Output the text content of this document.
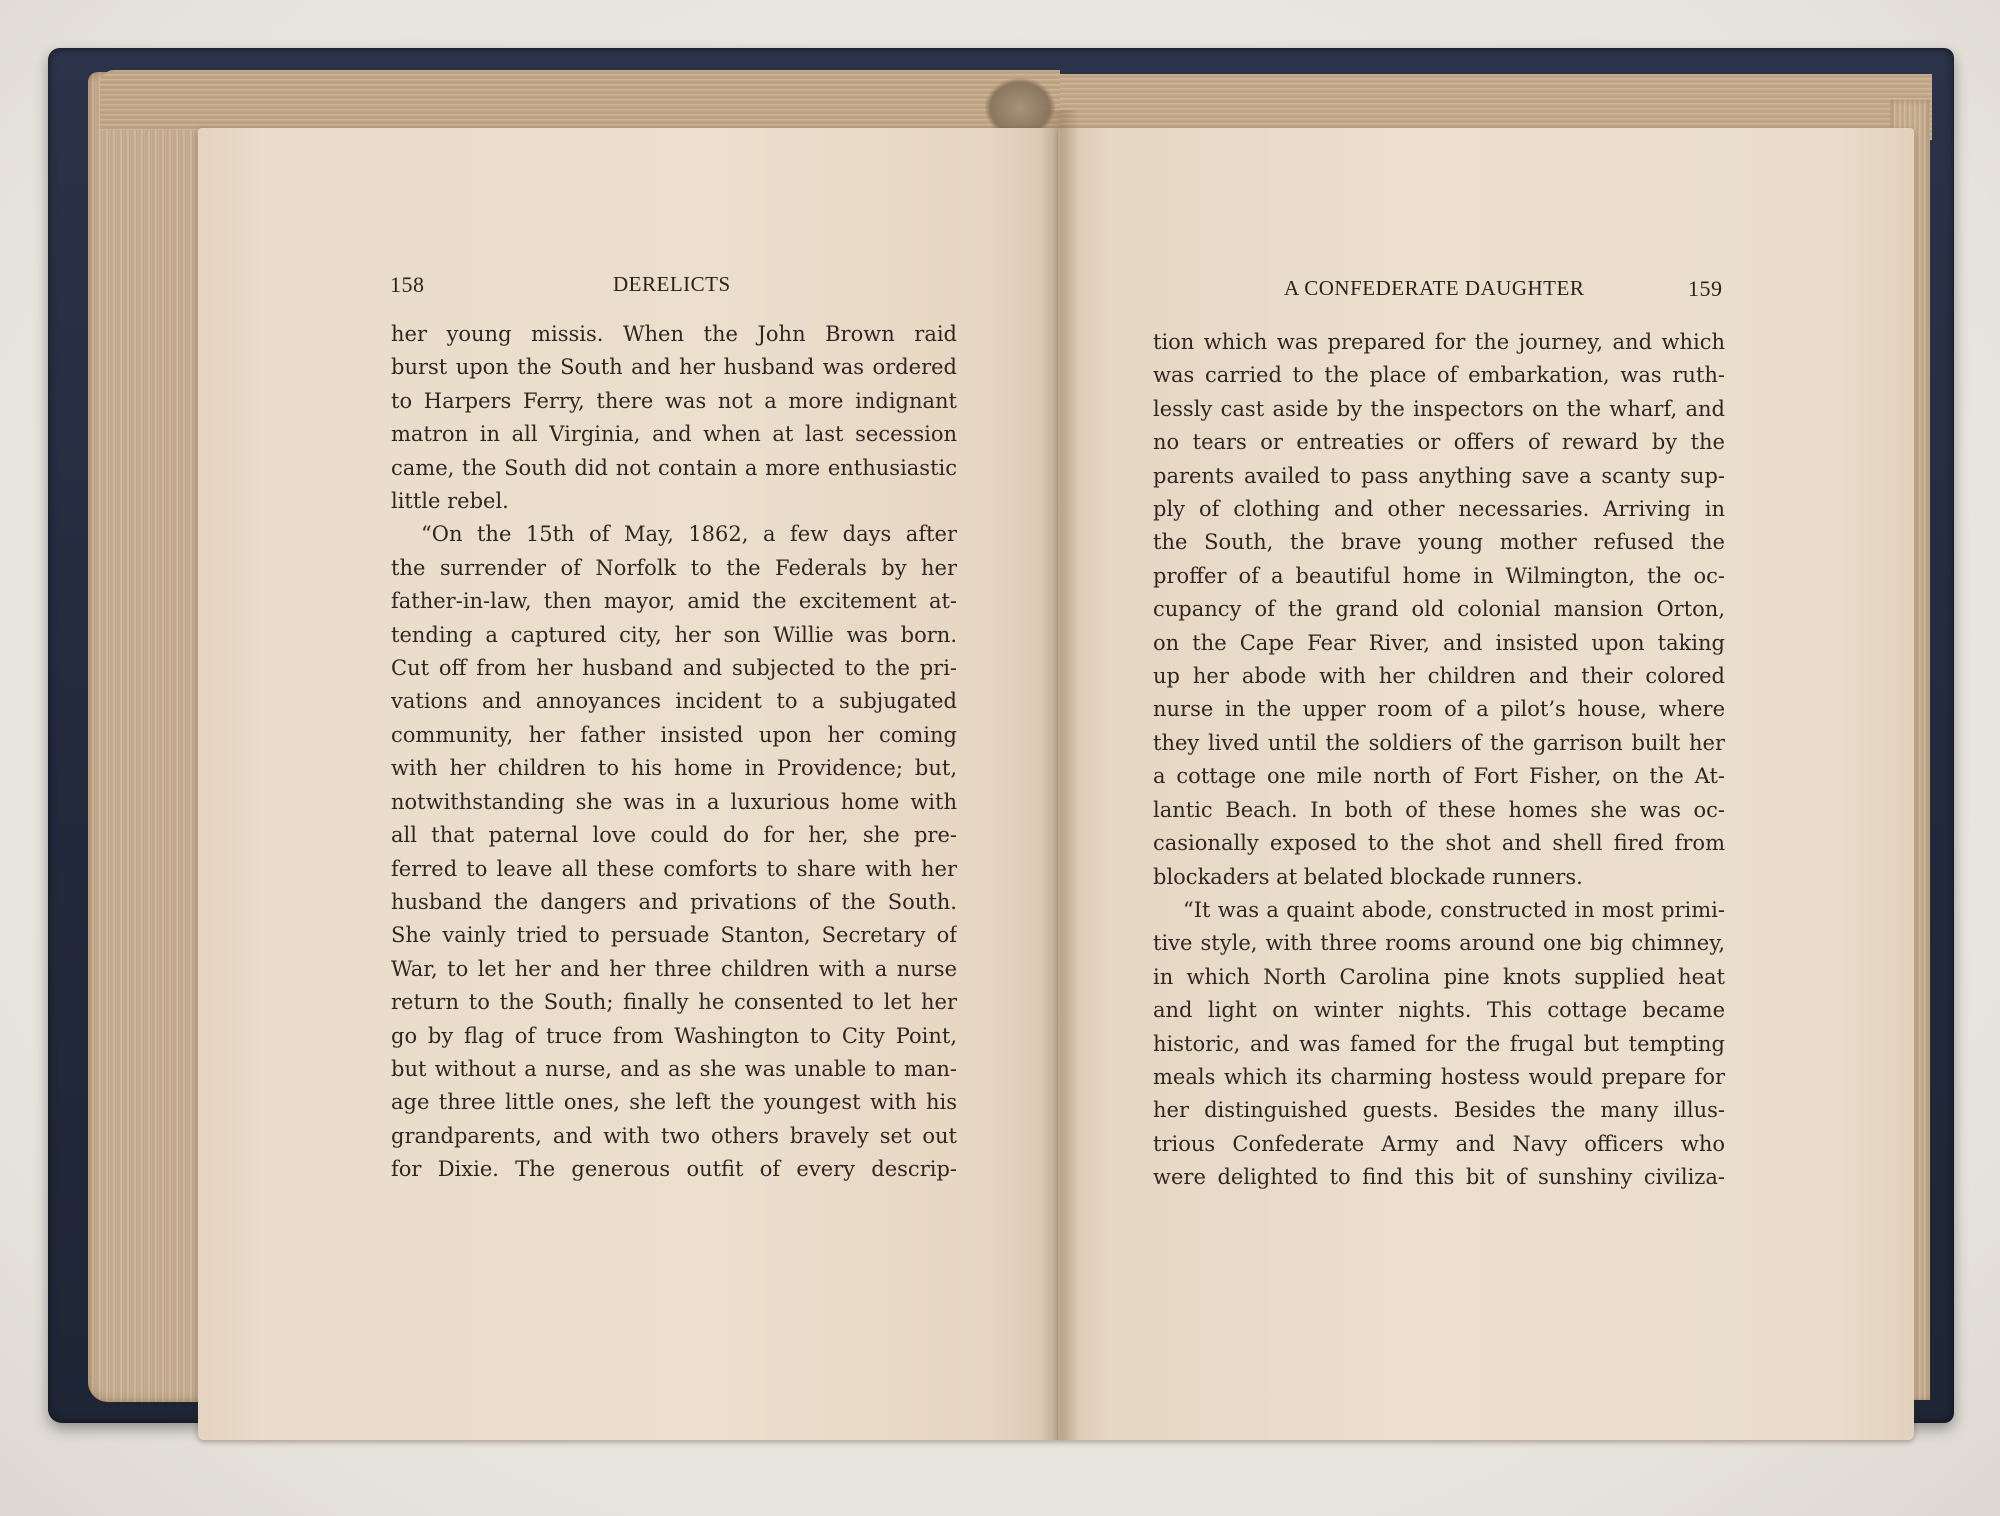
158	DERELICTS	A CONFEDERATE DAUGHTER	159
her young missis. When the John Brown raid
burst upon the South and her husband was ordered
to Harpers Ferry, there was not a more indignant
matron in all Virginia, and when at last secession
came, the South did not contain a more enthusiastic
little rebel.
“On the 15th of May, 1862, a few days after
the surrender of Norfolk to the Federals by her
father-in-law, then mayor, amid the excitement at-
tending a captured city, her son Willie was born.
Cut off from her husband and subjected to the pri-
vations and annoyances incident to a subjugated
community, her father insisted upon her coming
with her children to his home in Providence; but,
notwithstanding she was in a luxurious home with
all that paternal love could do for her, she pre-
ferred to leave all these comforts to share with her
husband the dangers and privations of the South.
She vainly tried to persuade Stanton, Secretary of
War, to let her and her three children with a nurse
return to the South; finally he consented to let her
go by flag of truce from Washington to City Point,
but without a nurse, and as she was unable to man-
age three little ones, she left the youngest with his
grandparents, and with two others bravely set out
for Dixie. The generous outfit of every descrip-
tion which was prepared for the journey, and which
was carried to the place of embarkation, was ruth-
lessly cast aside by the inspectors on the wharf, and
no tears or entreaties or offers of reward by the
parents availed to pass anything save a scanty sup-
ply of clothing and other necessaries. Arriving in
the South, the brave young mother refused the
proffer of a beautiful home in Wilmington, the oc-
cupancy of the grand old colonial mansion Orton,
on the Cape Fear River, and insisted upon taking
up her abode with her children and their colored
nurse in the upper room of a pilot’s house, where
they lived until the soldiers of the garrison built her
a cottage one mile north of Fort Fisher, on the At-
lantic Beach. In both of these homes she was oc-
casionally exposed to the shot and shell fired from
blockaders at belated blockade runners.
“It was a quaint abode, constructed in most primi-
tive style, with three rooms around one big chimney,
in which North Carolina pine knots supplied heat
and light on winter nights. This cottage became
historic, and was famed for the frugal but tempting
meals which its charming hostess would prepare for
her distinguished guests. Besides the many illus-
trious Confederate Army and Navy officers who
were delighted to find this bit of sunshiny civiliza-
